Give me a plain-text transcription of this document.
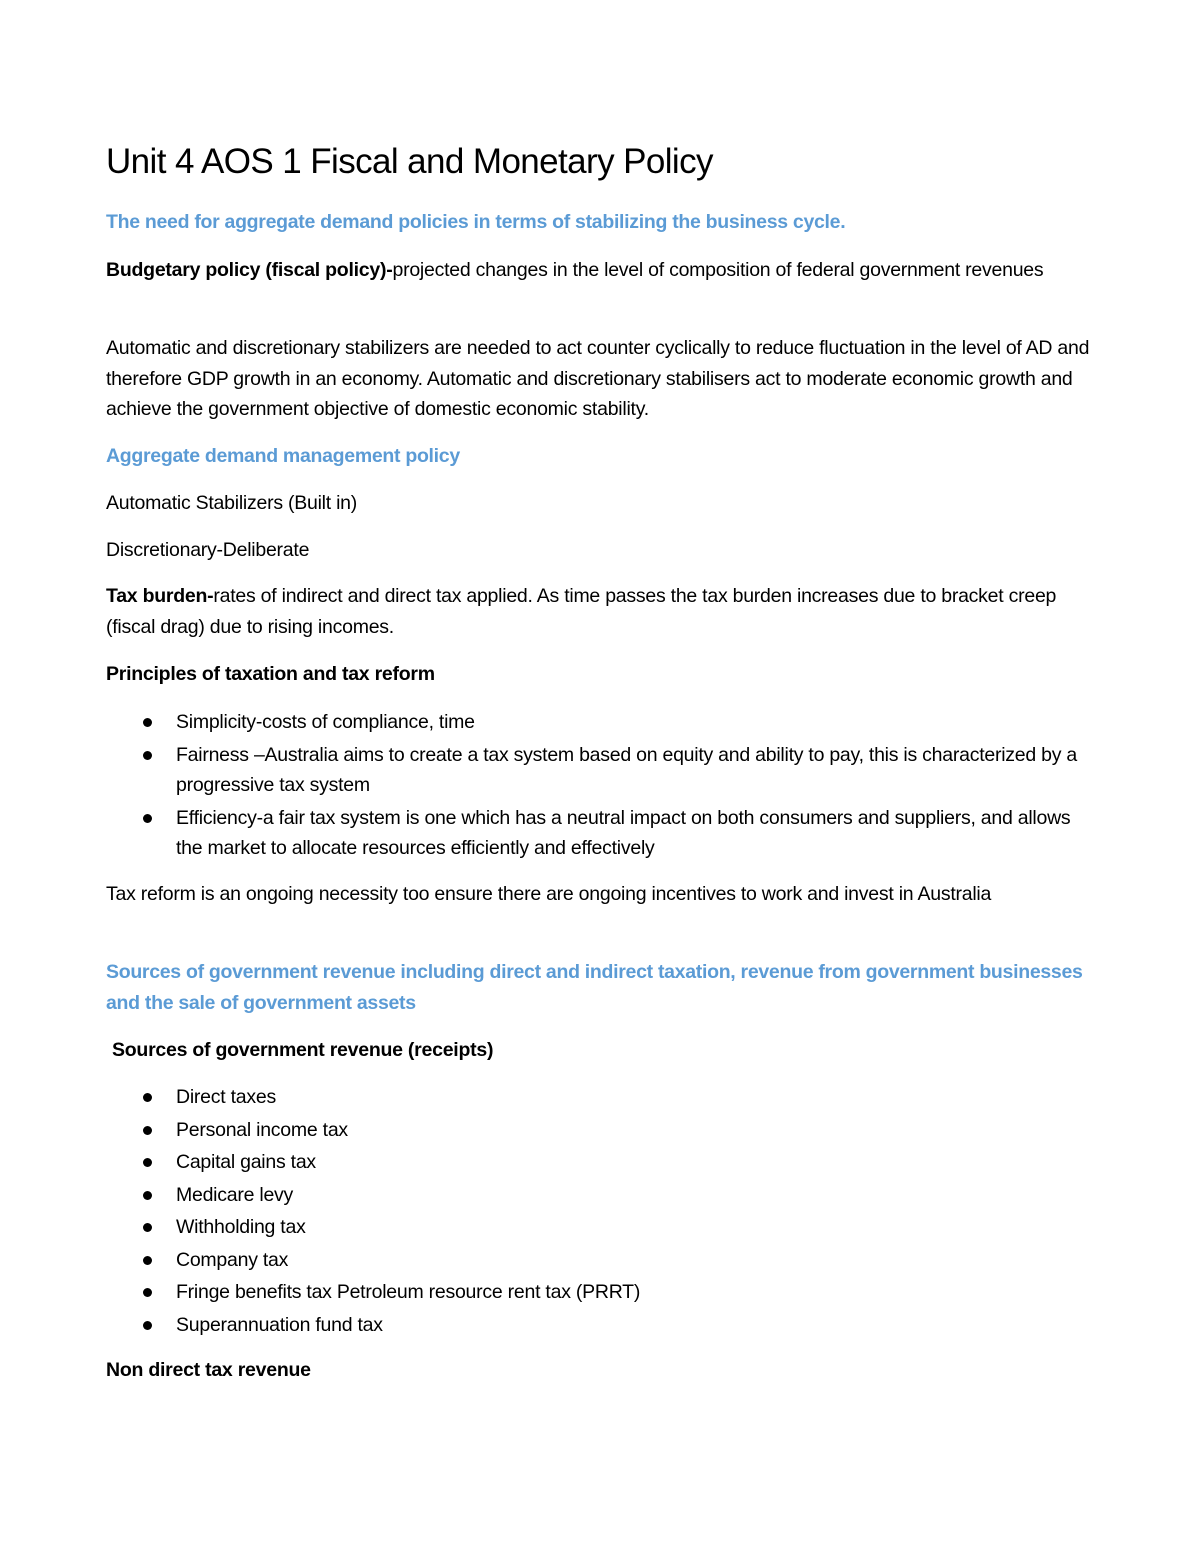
Unit 4 AOS 1 Fiscal and Monetary Policy

The need for aggregate demand policies in terms of stabilizing the business cycle.

Budgetary policy (fiscal policy)-projected changes in the level of composition of federal government revenues

Automatic and discretionary stabilizers are needed to act counter cyclically to reduce fluctuation in the level of AD and therefore GDP growth in an economy. Automatic and discretionary stabilisers act to moderate economic growth and achieve the government objective of domestic economic stability.

Aggregate demand management policy

Automatic Stabilizers (Built in)

Discretionary-Deliberate

Tax burden-rates of indirect and direct tax applied. As time passes the tax burden increases due to bracket creep (fiscal drag) due to rising incomes.

Principles of taxation and tax reform

Simplicity-costs of compliance, time
Fairness –Australia aims to create a tax system based on equity and ability to pay, this is characterized by a progressive tax system
Efficiency-a fair tax system is one which has a neutral impact on both consumers and suppliers, and allows the market to allocate resources efficiently and effectively

Tax reform is an ongoing necessity too ensure there are ongoing incentives to work and invest in Australia

Sources of government revenue including direct and indirect taxation, revenue from government businesses and the sale of government assets

Sources of government revenue (receipts)

Direct taxes
Personal income tax
Capital gains tax
Medicare levy
Withholding tax
Company tax
Fringe benefits tax Petroleum resource rent tax (PRRT)
Superannuation fund tax

Non direct tax revenue
